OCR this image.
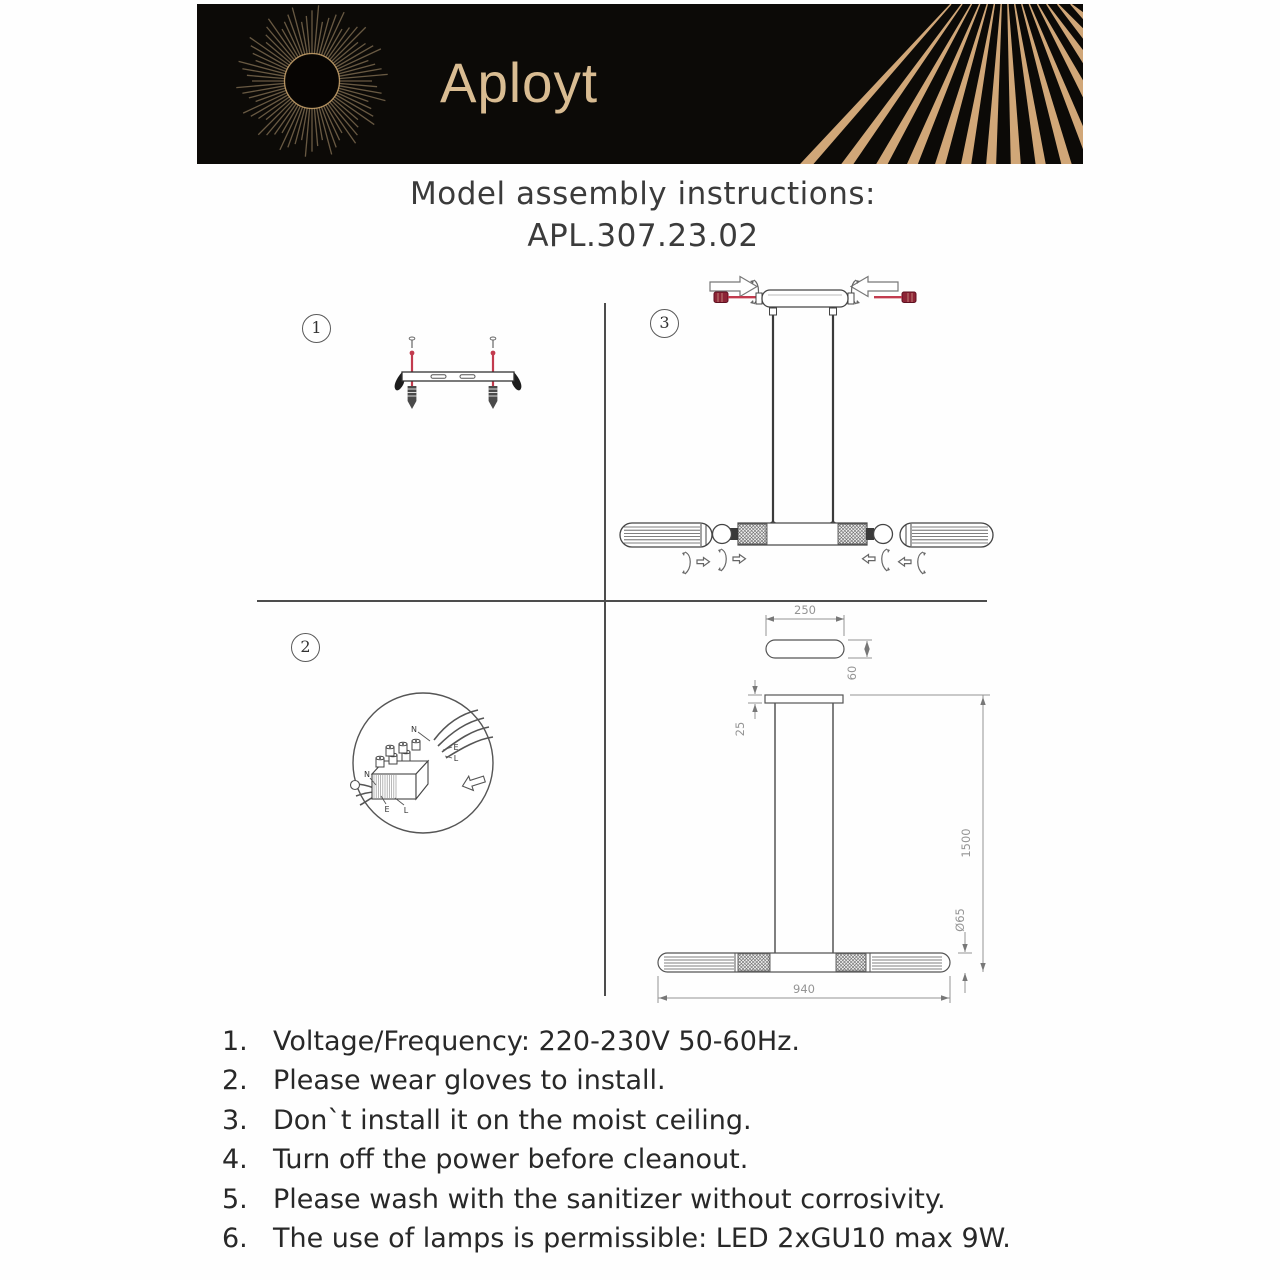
Aployt
Model assembly instructions:
APL.307.23.02
1
2
3
N
E
L
N
E L
250
60
25
1500
Ø65
940
1. Voltage/Frequency: 220-230V 50-60Hz.
2. Please wear gloves to install.
3. Don`t install it on the moist ceiling.
4. Turn off the power before cleanout.
5. Please wash with the sanitizer without corrosivity.
6. The use of lamps is permissible: LED 2xGU10 max 9W.
